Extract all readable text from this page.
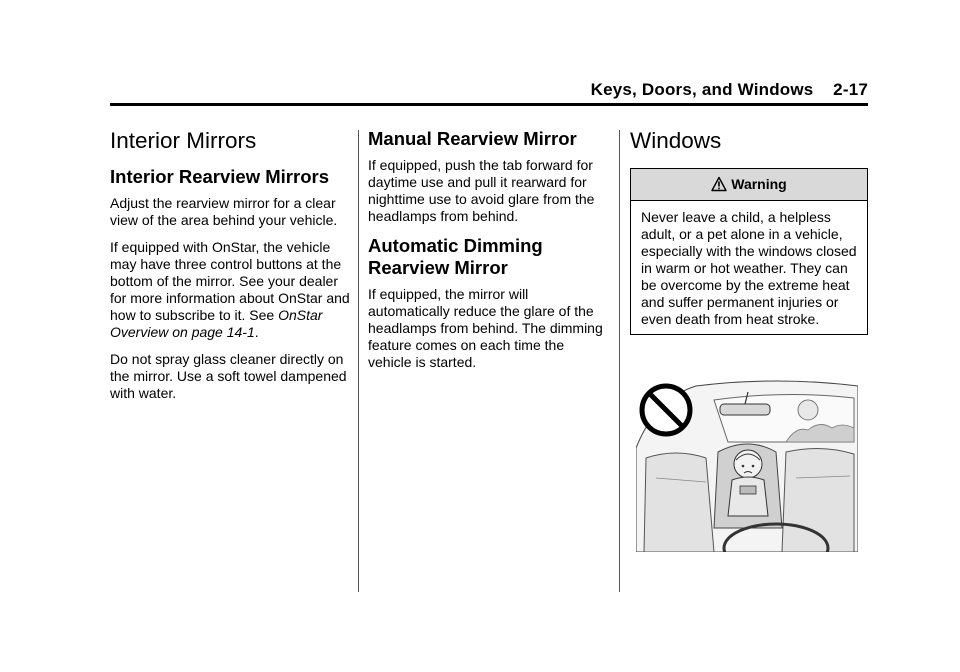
Keys, Doors, and Windows 2-17
Interior Mirrors
Interior Rearview Mirrors

Adjust the rearview mirror for a clear view of the area behind your vehicle.

If equipped with OnStar, the vehicle may have three control buttons at the bottom of the mirror. See your dealer for more information about OnStar and how to subscribe to it. See OnStar Overview on page 14-1.

Do not spray glass cleaner directly on the mirror. Use a soft towel dampened with water.

Manual Rearview Mirror

If equipped, push the tab forward for daytime use and pull it rearward for nighttime use to avoid glare from the headlamps from behind.

Automatic Dimming Rearview Mirror

If equipped, the mirror will automatically reduce the glare of the headlamps from behind. The dimming feature comes on each time the vehicle is started.

Windows
Warning

Never leave a child, a helpless adult, or a pet alone in a vehicle, especially with the windows closed in warm or hot weather. They can be overcome by the extreme heat and suffer permanent injuries or even death from heat stroke.
